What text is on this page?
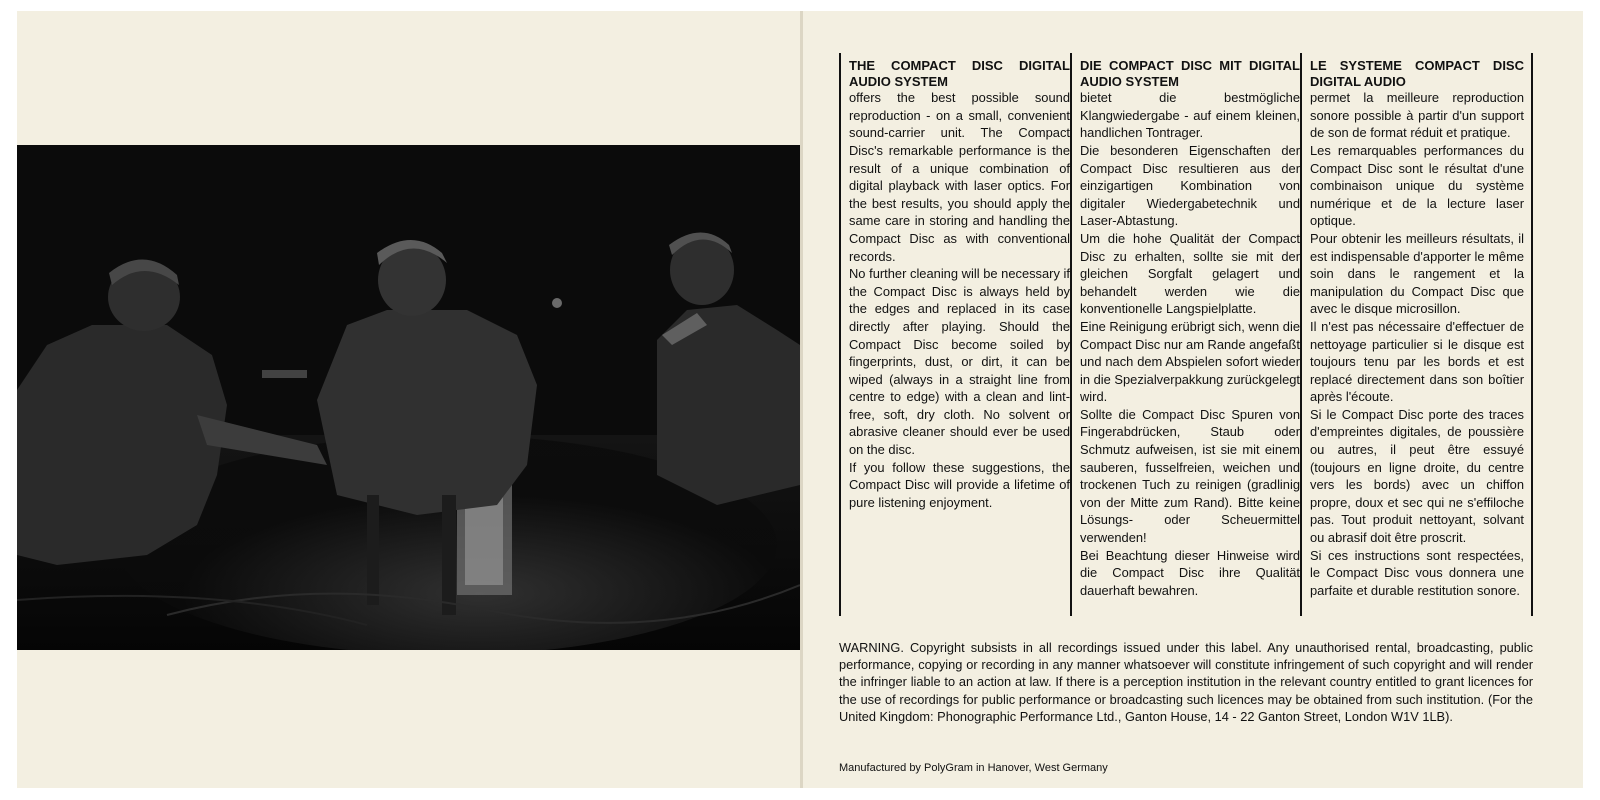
THE COMPACT DISC DIGITAL AUDIO SYSTEM

offers the best possible sound reproduction - on a small, convenient sound-carrier unit. The Compact Disc's remarkable performance is the result of a unique combination of digital playback with laser optics. For the best results, you should apply the same care in storing and handling the Compact Disc as with conventional records.

No further cleaning will be necessary if the Compact Disc is always held by the edges and replaced in its case directly after playing. Should the Compact Disc become soiled by fingerprints, dust, or dirt, it can be wiped (always in a straight line from centre to edge) with a clean and lint-free, soft, dry cloth. No solvent or abrasive cleaner should ever be used on the disc.

If you follow these suggestions, the Compact Disc will provide a lifetime of pure listening enjoyment.

DIE COMPACT DISC MIT DIGITAL AUDIO SYSTEM

bietet die bestmögliche Klangwiedergabe - auf einem kleinen, handlichen Tontrager.

Die besonderen Eigenschaften der Compact Disc resultieren aus der einzigartigen Kombination von digitaler Wiedergabetechnik und Laser-Abtastung.

Um die hohe Qualität der Compact Disc zu erhalten, sollte sie mit der gleichen Sorgfalt gelagert und behandelt werden wie die konventionelle Langspielplatte.

Eine Reinigung erübrigt sich, wenn die Compact Disc nur am Rande angefaßt und nach dem Abspielen sofort wieder in die Spezialverpakkung zurückgelegt wird.

Sollte die Compact Disc Spuren von Fingerabdrücken, Staub oder Schmutz aufweisen, ist sie mit einem sauberen, fusselfreien, weichen und trockenen Tuch zu reinigen (gradlinig von der Mitte zum Rand). Bitte keine Lösungs- oder Scheuermittel verwenden!

Bei Beachtung dieser Hinweise wird die Compact Disc ihre Qualität dauerhaft bewahren.

LE SYSTEME COMPACT DISC DIGITAL AUDIO

permet la meilleure reproduction sonore possible à partir d'un support de son de format réduit et pratique.

Les remarquables performances du Compact Disc sont le résultat d'une combinaison unique du système numérique et de la lecture laser optique.

Pour obtenir les meilleurs résultats, il est indispensable d'apporter le même soin dans le rangement et la manipulation du Compact Disc que avec le disque microsillon.

Il n'est pas nécessaire d'effectuer de nettoyage particulier si le disque est toujours tenu par les bords et est replacé directement dans son boîtier après l'écoute.

Si le Compact Disc porte des traces d'empreintes digitales, de poussière ou autres, il peut être essuyé (toujours en ligne droite, du centre vers les bords) avec un chiffon propre, doux et sec qui ne s'effiloche pas. Tout produit nettoyant, solvant ou abrasif doit être proscrit.

Si ces instructions sont respectées, le Compact Disc vous donnera une parfaite et durable restitution sonore.

WARNING. Copyright subsists in all recordings issued under this label. Any unauthorised rental, broadcasting, public performance, copying or recording in any manner whatsoever will constitute infringement of such copyright and will render the infringer liable to an action at law. If there is a perception institution in the relevant country entitled to grant licences for the use of recordings for public performance or broadcasting such licences may be obtained from such institution. (For the United Kingdom: Phonographic Performance Ltd., Ganton House, 14 - 22 Ganton Street, London W1V 1LB).
Manufactured by PolyGram in Hanover, West Germany
